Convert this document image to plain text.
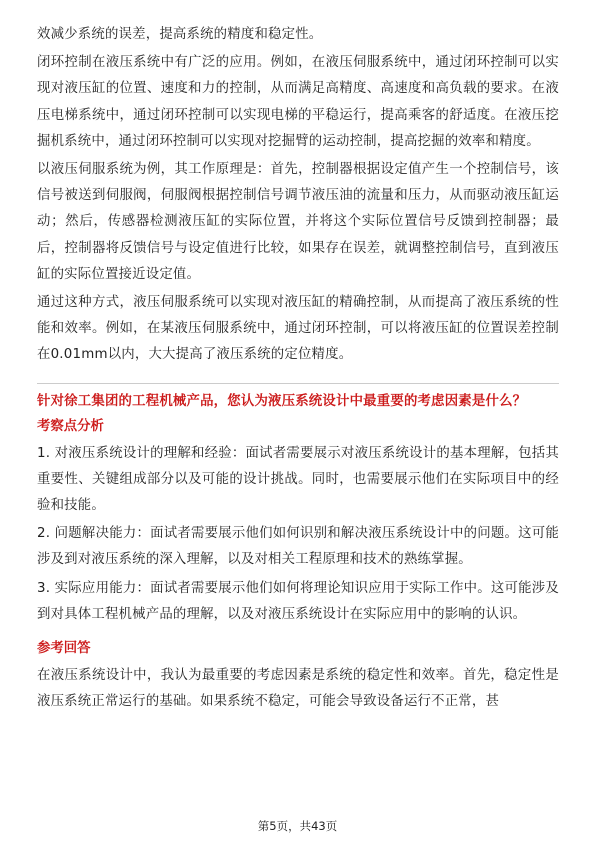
效减少系统的误差，提高系统的精度和稳定性。

闭环控制在液压系统中有广泛的应用。例如，在液压伺服系统中，通过闭环控制可以实现对液压缸的位置、速度和力的控制，从而满足高精度、高速度和高负载的要求。在液压电梯系统中，通过闭环控制可以实现电梯的平稳运行，提高乘客的舒适度。在液压挖掘机系统中，通过闭环控制可以实现对挖掘臂的运动控制，提高挖掘的效率和精度。

以液压伺服系统为例，其工作原理是：首先，控制器根据设定值产生一个控制信号，该信号被送到伺服阀，伺服阀根据控制信号调节液压油的流量和压力，从而驱动液压缸运动；然后，传感器检测液压缸的实际位置，并将这个实际位置信号反馈到控制器；最后，控制器将反馈信号与设定值进行比较，如果存在误差，就调整控制信号，直到液压缸的实际位置接近设定值。

通过这种方式，液压伺服系统可以实现对液压缸的精确控制，从而提高了液压系统的性能和效率。例如，在某液压伺服系统中，通过闭环控制，可以将液压缸的位置误差控制在0.01mm以内，大大提高了液压系统的定位精度。

针对徐工集团的工程机械产品，您认为液压系统设计中最重要的考虑因素是什么？

考察点分析

1. 对液压系统设计的理解和经验：面试者需要展示对液压系统设计的基本理解，包括其重要性、关键组成部分以及可能的设计挑战。同时，也需要展示他们在实际项目中的经验和技能。

2. 问题解决能力：面试者需要展示他们如何识别和解决液压系统设计中的问题。这可能涉及到对液压系统的深入理解，以及对相关工程原理和技术的熟练掌握。

3. 实际应用能力：面试者需要展示他们如何将理论知识应用于实际工作中。这可能涉及到对具体工程机械产品的理解，以及对液压系统设计在实际应用中的影响的认识。

参考回答

在液压系统设计中，我认为最重要的考虑因素是系统的稳定性和效率。首先，稳定性是液压系统正常运行的基础。如果系统不稳定，可能会导致设备运行不正常，甚

第5页，共43页
